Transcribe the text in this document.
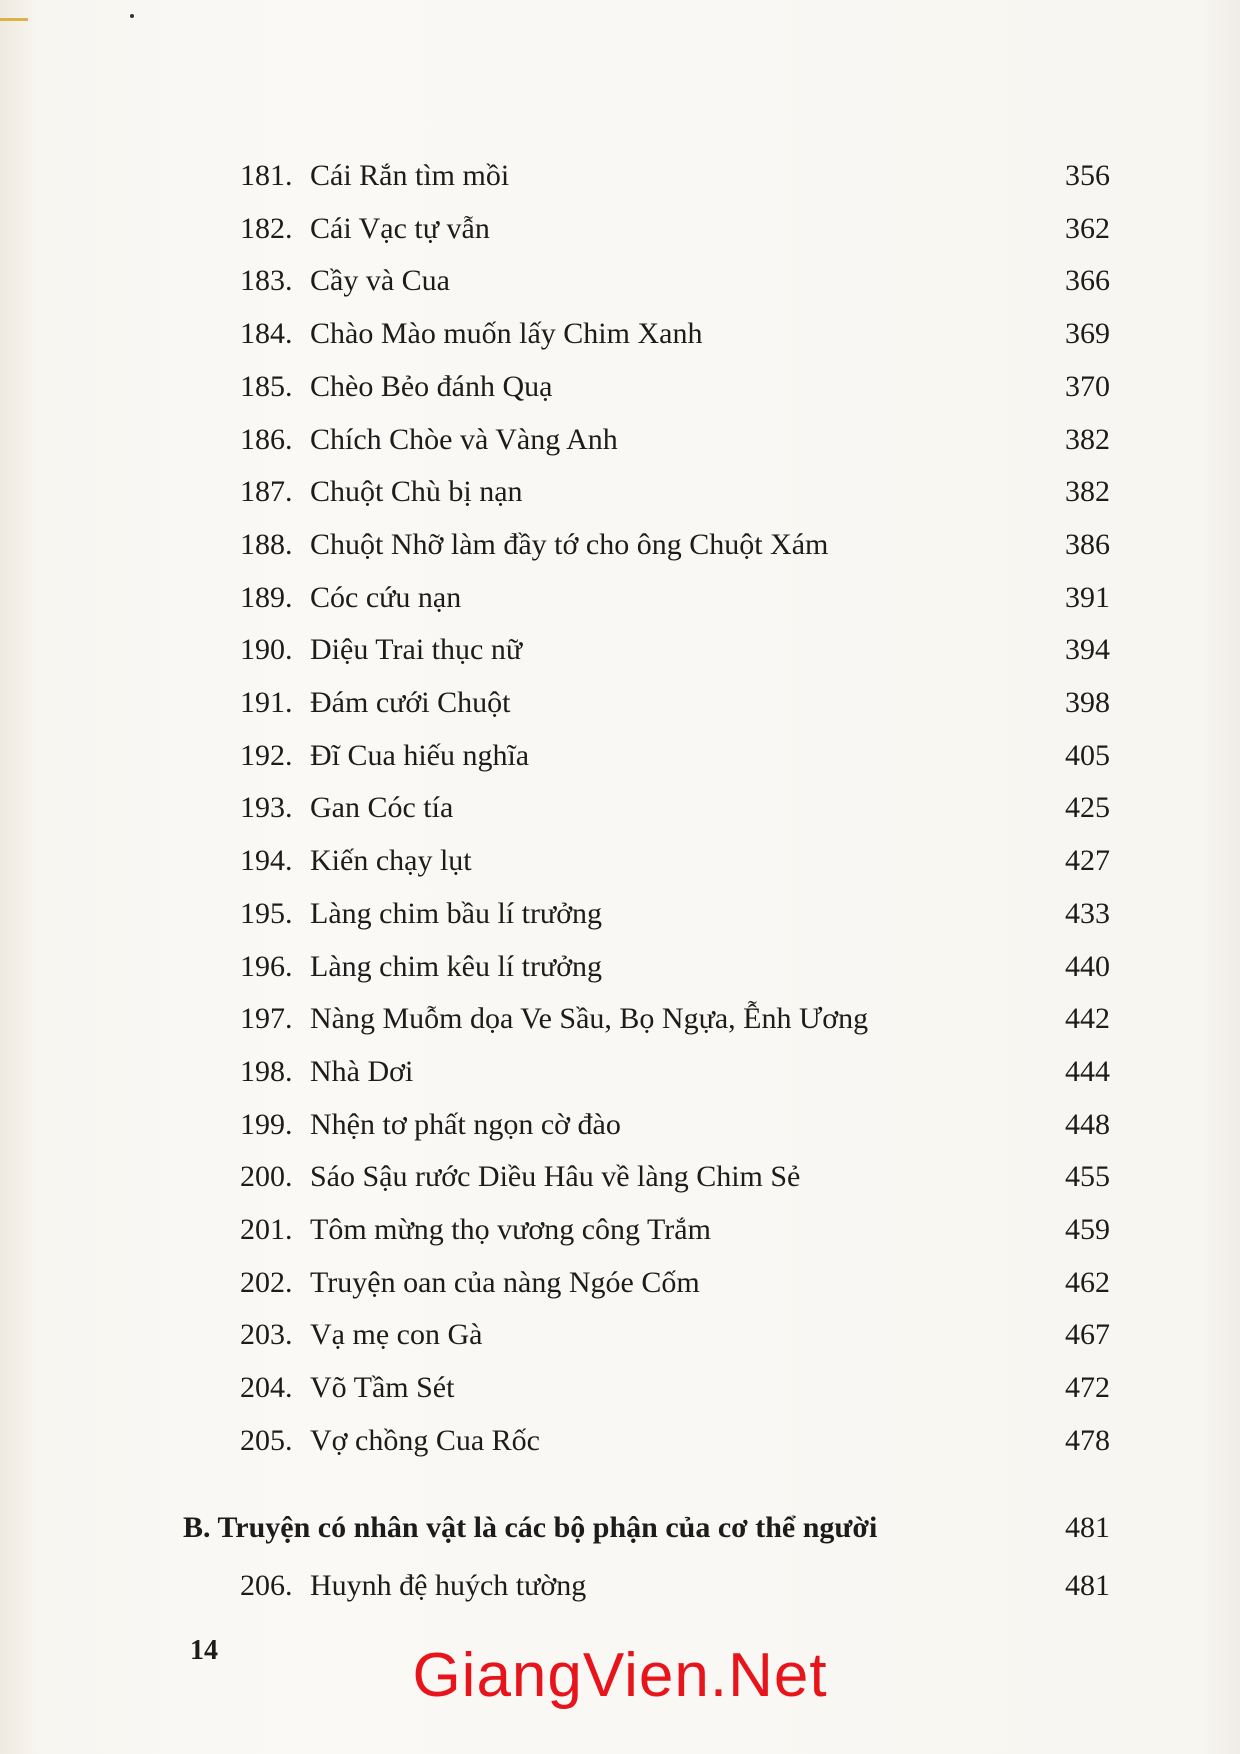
181. Cái Rắn tìm mồi	356
182. Cái Vạc tự vẫn	362
183. Cầy và Cua	366
184. Chào Mào muốn lấy Chim Xanh	369
185. Chèo Bẻo đánh Quạ	370
186. Chích Chòe và Vàng Anh	382
187. Chuột Chù bị nạn	382
188. Chuột Nhỡ làm đầy tớ cho ông Chuột Xám	386
189. Cóc cứu nạn	391
190. Diệu Trai thục nữ	394
191. Đám cưới Chuột	398
192. Đĩ Cua hiếu nghĩa	405
193. Gan Cóc tía	425
194. Kiến chạy lụt	427
195. Làng chim bầu lí trưởng	433
196. Làng chim kêu lí trưởng	440
197. Nàng Muỗm dọa Ve Sầu, Bọ Ngựa, Ễnh Ương	442
198. Nhà Dơi	444
199. Nhện tơ phất ngọn cờ đào	448
200. Sáo Sậu rước Diều Hâu về làng Chim Sẻ	455
201. Tôm mừng thọ vương công Trắm	459
202. Truyện oan của nàng Ngóe Cốm	462
203. Vạ mẹ con Gà	467
204. Võ Tầm Sét	472
205. Vợ chồng Cua Rốc	478
B. Truyện có nhân vật là các bộ phận của cơ thể người	481
206. Huynh đệ huých tường	481
14	GiangVien.Net
